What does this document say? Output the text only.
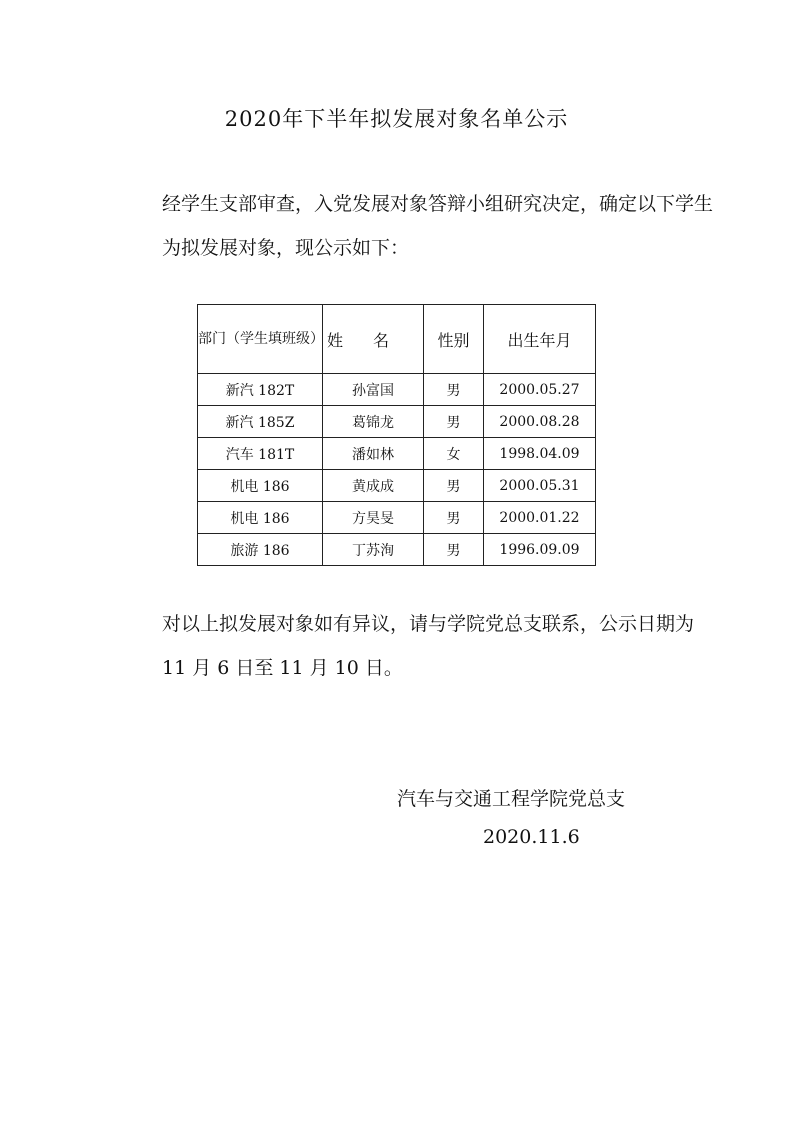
2020年下半年拟发展对象名单公示
经学生支部审查，入党发展对象答辩小组研究决定，确定以下学生为拟发展对象，现公示如下：
部门（学生填班级）	姓名	性别	出生年月
新汽 182T	孙富国	男	2000.05.27
新汽 185Z	葛锦龙	男	2000.08.28
汽车 181T	潘如林	女	1998.04.09
机电 186	黄成成	男	2000.05.31
机电 186	方昊旻	男	2000.01.22
旅游 186	丁苏洵	男	1996.09.09
对以上拟发展对象如有异议，请与学院党总支联系，公示日期为 11 月 6 日至 11 月 10 日。
汽车与交通工程学院党总支
2020.11.6
